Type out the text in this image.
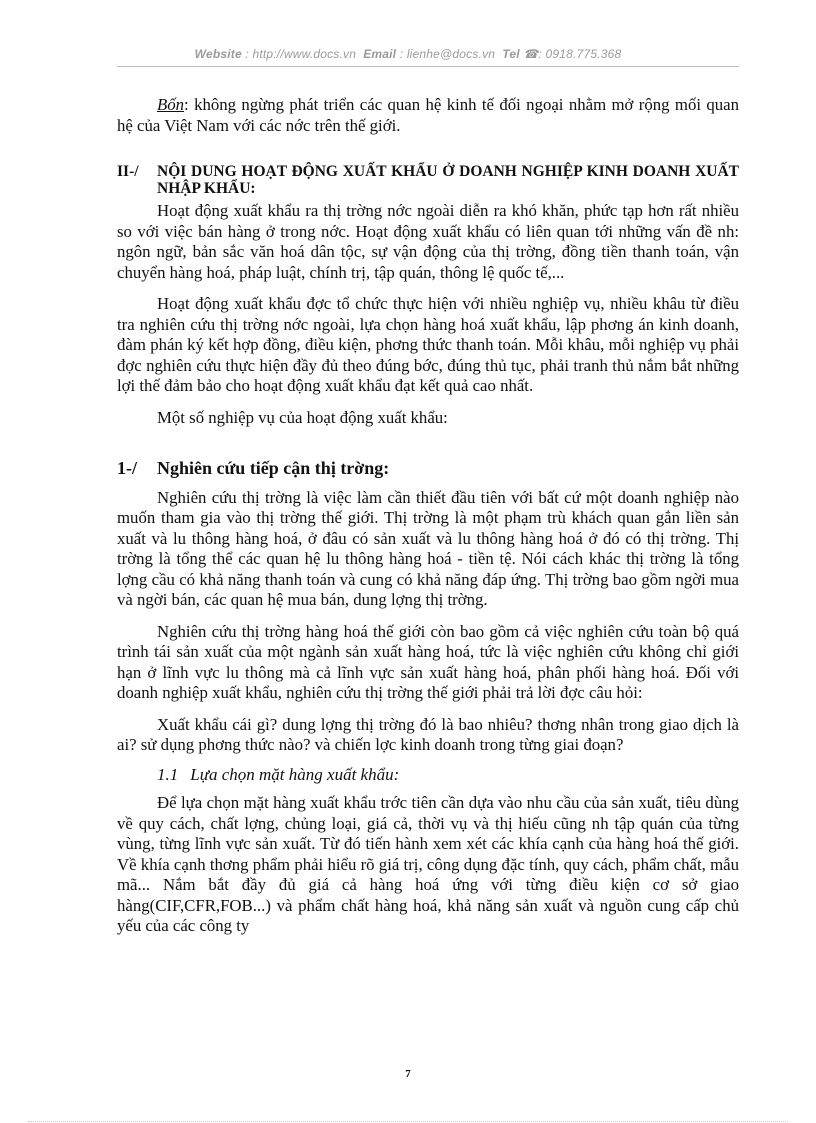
Website : http://www.docs.vn Email : lienhe@docs.vn Tel ☎: 0918.775.368

Bốn: không ngừng phát triển các quan hệ kinh tế đối ngoại nhằm mở rộng mối quan hệ của Việt Nam với các nớc trên thế giới.

II-/	NỘI DUNG HOẠT ĐỘNG XUẤT KHẨU Ở DOANH NGHIỆP KINH DOANH XUẤT NHẬP KHẨU:

Hoạt động xuất khẩu ra thị trờng nớc ngoài diễn ra khó khăn, phức tạp hơn rất nhiều so với việc bán hàng ở trong nớc. Hoạt động xuất khẩu có liên quan tới những vấn đề nh: ngôn ngữ, bản sắc văn hoá dân tộc, sự vận động của thị trờng, đồng tiền thanh toán, vận chuyển hàng hoá, pháp luật, chính trị, tập quán, thông lệ quốc tế,...

Hoạt động xuất khẩu đợc tổ chức thực hiện với nhiều nghiệp vụ, nhiều khâu từ điều tra nghiên cứu thị trờng nớc ngoài, lựa chọn hàng hoá xuất khẩu, lập phơng án kinh doanh, đàm phán ký kết hợp đồng, điều kiện, phơng thức thanh toán. Mỗi khâu, mỗi nghiệp vụ phải đợc nghiên cứu thực hiện đầy đủ theo đúng bớc, đúng thủ tục, phải tranh thủ nắm bắt những lợi thế đảm bảo cho hoạt động xuất khẩu đạt kết quả cao nhất.

Một số nghiệp vụ của hoạt động xuất khẩu:

1-/	Nghiên cứu tiếp cận thị trờng:

Nghiên cứu thị trờng là việc làm cần thiết đầu tiên với bất cứ một doanh nghiệp nào muốn tham gia vào thị trờng thế giới. Thị trờng là một phạm trù khách quan gắn liền sản xuất và lu thông hàng hoá, ở đâu có sản xuất và lu thông hàng hoá ở đó có thị trờng. Thị trờng là tổng thể các quan hệ lu thông hàng hoá - tiền tệ. Nói cách khác thị trờng là tổng lợng cầu có khả năng thanh toán và cung có khả năng đáp ứng. Thị trờng bao gồm ngời mua và ngời bán, các quan hệ mua bán, dung lợng thị trờng.

Nghiên cứu thị trờng hàng hoá thế giới còn bao gồm cả việc nghiên cứu toàn bộ quá trình tái sản xuất của một ngành sản xuất hàng hoá, tức là việc nghiên cứu không chỉ giới hạn ở lĩnh vực lu thông mà cả lĩnh vực sản xuất hàng hoá, phân phối hàng hoá. Đối với doanh nghiệp xuất khẩu, nghiên cứu thị trờng thế giới phải trả lời đợc câu hỏi:

Xuất khẩu cái gì? dung lợng thị trờng đó là bao nhiêu? thơng nhân trong giao dịch là ai? sử dụng phơng thức nào? và chiến lợc kinh doanh trong từng giai đoạn?

1.1 Lựa chọn mặt hàng xuất khẩu:

Để lựa chọn mặt hàng xuất khẩu trớc tiên cần dựa vào nhu cầu của sản xuất, tiêu dùng về quy cách, chất lợng, chủng loại, giá cả, thời vụ và thị hiếu cũng nh tập quán của từng vùng, từng lĩnh vực sản xuất. Từ đó tiến hành xem xét các khía cạnh của hàng hoá thế giới. Về khía cạnh thơng phẩm phải hiểu rõ giá trị, công dụng đặc tính, quy cách, phẩm chất, mẫu mã... Nắm bắt đầy đủ giá cả hàng hoá ứng với từng điều kiện cơ sở giao hàng(CIF,CFR,FOB...) và phẩm chất hàng hoá, khả năng sản xuất và nguồn cung cấp chủ yếu của các công ty

7
